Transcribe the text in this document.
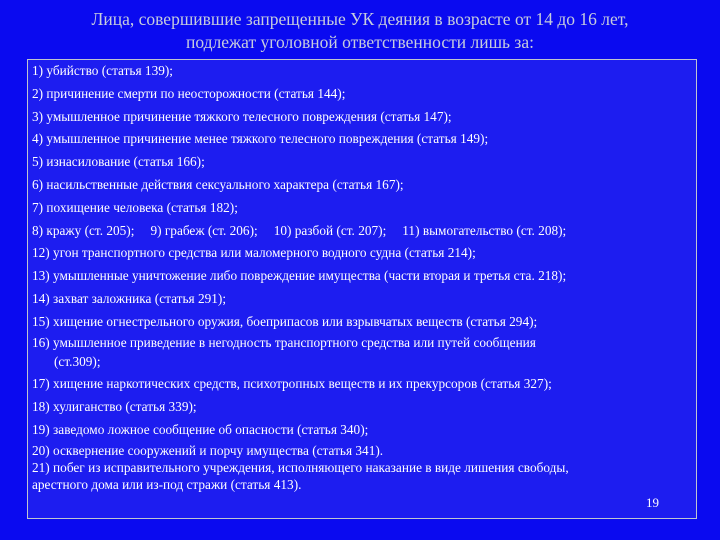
Лица, совершившие запрещенные УК деяния в возрасте от 14 до 16 лет,
подлежат уголовной ответственности лишь за:
1) убийство (статья 139);
2) причинение смерти по неосторожности (статья 144);
3) умышленное причинение тяжкого телесного повреждения (статья 147);
4) умышленное причинение менее тяжкого телесного повреждения (статья 149);
5) изнасилование (статья 166);
6) насильственные действия сексуального характера (статья 167);
7) похищение человека (статья 182);
8) кражу (ст. 205); 9) грабеж (ст. 206); 10) разбой (ст. 207); 11) вымогательство (ст. 208);
12) угон транспортного средства или маломерного водного судна (статья 214);
13) умышленные уничтожение либо повреждение имущества (части вторая и третья ста. 218);
14) захват заложника (статья 291);
15) хищение огнестрельного оружия, боеприпасов или взрывчатых веществ (статья 294);
16) умышленное приведение в негодность транспортного средства или путей сообщения
(ст.309);
17) хищение наркотических средств, психотропных веществ и их прекурсоров (статья 327);
18) хулиганство (статья 339);
19) заведомо ложное сообщение об опасности (статья 340);
20) осквернение сооружений и порчу имущества (статья 341).
21) побег из исправительного учреждения, исполняющего наказание в виде лишения свободы,
арестного дома или из-под стражи (статья 413).
19
